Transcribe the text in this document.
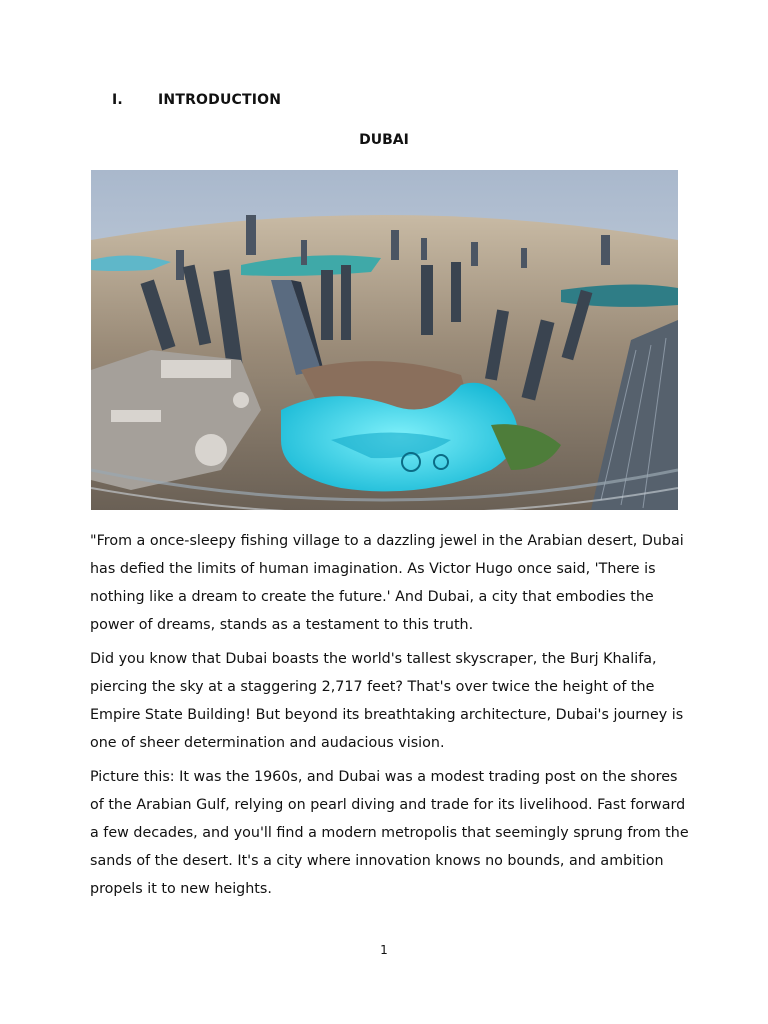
I.	INTRODUCTION
DUBAI

"From a once-sleepy fishing village to a dazzling jewel in the Arabian desert, Dubai has defied the limits of human imagination. As Victor Hugo once said, 'There is nothing like a dream to create the future.' And Dubai, a city that embodies the power of dreams, stands as a testament to this truth.

Did you know that Dubai boasts the world's tallest skyscraper, the Burj Khalifa, piercing the sky at a staggering 2,717 feet? That's over twice the height of the Empire State Building! But beyond its breathtaking architecture, Dubai's journey is one of sheer determination and audacious vision.

Picture this: It was the 1960s, and Dubai was a modest trading post on the shores of the Arabian Gulf, relying on pearl diving and trade for its livelihood. Fast forward a few decades, and you'll find a modern metropolis that seemingly sprung from the sands of the desert. It's a city where innovation knows no bounds, and ambition propels it to new heights.

1
